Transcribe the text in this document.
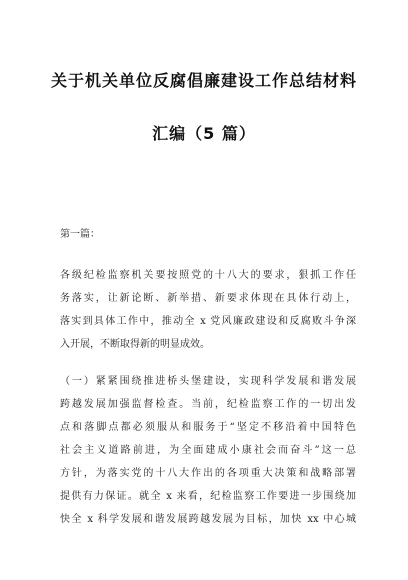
关于机关单位反腐倡廉建设工作总结材料
汇编（5 篇）
第一篇：
各级纪检监察机关要按照党的十八大的要求，狠抓工作任
务落实，让新论断、新举措、新要求体现在具体行动上，
落实到具体工作中，推动全 x 党风廉政建设和反腐败斗争深
入开展，不断取得新的明显成效。
（一）紧紧围绕推进桥头堡建设，实现科学发展和谐发展
跨越发展加强监督检查。当前，纪检监察工作的一切出发
点和落脚点都必须服从和服务于“坚定不移沿着中国特色
社会主义道路前进，为全面建成小康社会而奋斗”这一总
方针，为落实党的十八大作出的各项重大决策和战略部署
提供有力保证。就全 x 来看，纪检监察工作要进一步围绕加
快全 x 科学发展和谐发展跨越发展为目标，加快 xx 中心城
